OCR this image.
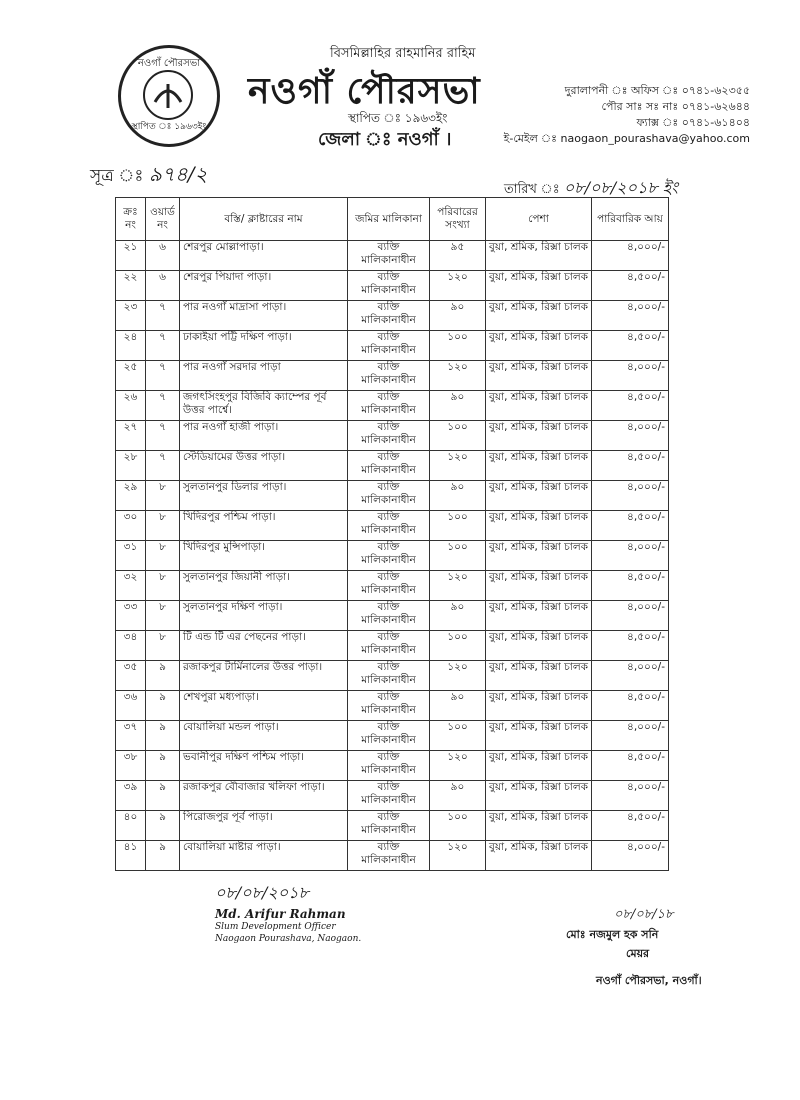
নওগাঁ পৌরসভা
স্থাপিত ঃ ১৯৬৩ইং
বিসমিল্লাহির রাহমানির রাহিম
নওগাঁ পৌরসভা
স্থাপিত ঃ ১৯৬৩ইং
জেলা ঃ নওগাঁ ।
দুরালাপনী ঃ অফিস ঃ ০৭৪১-৬২৩৫৫
পৌর সাঃ সঃ নাঃ ০৭৪১-৬২৬৪৪
ফ্যাক্স ঃ ০৭৪১-৬১৪০৪
ই-মেইল ঃ naogaon_pourashava@yahoo.com
সূত্র ঃ ৯৭৪/২
তারিখ ঃ ০৮/০৮/২০১৮ ইং
ক্রঃ নং	ওয়ার্ড নং	বস্তি/ ক্লাষ্টারের নাম	জমির মালিকানা	পরিবারের সংখ্যা	পেশা	পারিবারিক আয়
২১	৬	শেরপুর মোল্লাপাড়া।	ব্যক্তি মালিকানাধীন	৯৫	বুয়া, শ্রমিক, রিক্সা চালক	৪,০০০/-
২২	৬	শেরপুর পিয়াদা পাড়া।	ব্যক্তি মালিকানাধীন	১২০	বুয়া, শ্রমিক, রিক্সা চালক	৪,৫০০/-
২৩	৭	পার নওগাঁ মাদ্রাসা পাড়া।	ব্যক্তি মালিকানাধীন	৯০	বুয়া, শ্রমিক, রিক্সা চালক	৪,০০০/-
২৪	৭	ঢাকাইয়া পট্টি দক্ষিণ পাড়া।	ব্যক্তি মালিকানাধীন	১০০	বুয়া, শ্রমিক, রিক্সা চালক	৪,৫০০/-
২৫	৭	পার নওগাঁ সরদার পাড়া	ব্যক্তি মালিকানাধীন	১২০	বুয়া, শ্রমিক, রিক্সা চালক	৪,০০০/-
২৬	৭	জগৎসিংহপুর বিজিবি ক্যাম্পের পূর্ব উত্তর পার্শ্বে।	ব্যক্তি মালিকানাধীন	৯০	বুয়া, শ্রমিক, রিক্সা চালক	৪,৫০০/-
২৭	৭	পার নওগাঁ হাজী পাড়া।	ব্যক্তি মালিকানাধীন	১০০	বুয়া, শ্রমিক, রিক্সা চালক	৪,০০০/-
২৮	৭	স্টেডিয়ামের উত্তর পাড়া।	ব্যক্তি মালিকানাধীন	১২০	বুয়া, শ্রমিক, রিক্সা চালক	৪,৫০০/-
২৯	৮	সুলতানপুর ডিলার পাড়া।	ব্যক্তি মালিকানাধীন	৯০	বুয়া, শ্রমিক, রিক্সা চালক	৪,০০০/-
৩০	৮	খিদিরপুর পশ্চিম পাড়া।	ব্যক্তি মালিকানাধীন	১০০	বুয়া, শ্রমিক, রিক্সা চালক	৪,৫০০/-
৩১	৮	খিদিরপুর মুন্সিপাড়া।	ব্যক্তি মালিকানাধীন	১০০	বুয়া, শ্রমিক, রিক্সা চালক	৪,০০০/-
৩২	৮	সুলতানপুর জিয়ানী পাড়া।	ব্যক্তি মালিকানাধীন	১২০	বুয়া, শ্রমিক, রিক্সা চালক	৪,৫০০/-
৩৩	৮	সুলতানপুর দক্ষিণ পাড়া।	ব্যক্তি মালিকানাধীন	৯০	বুয়া, শ্রমিক, রিক্সা চালক	৪,০০০/-
৩৪	৮	টি এন্ড টি এর পেছনের পাড়া।	ব্যক্তি মালিকানাধীন	১০০	বুয়া, শ্রমিক, রিক্সা চালক	৪,৫০০/-
৩৫	৯	রজাকপুর টার্মিনালের উত্তর পাড়া।	ব্যক্তি মালিকানাধীন	১২০	বুয়া, শ্রমিক, রিক্সা চালক	৪,০০০/-
৩৬	৯	শেখপুরা মধ্যপাড়া।	ব্যক্তি মালিকানাধীন	৯০	বুয়া, শ্রমিক, রিক্সা চালক	৪,৫০০/-
৩৭	৯	বোয়ালিয়া মন্ডল পাড়া।	ব্যক্তি মালিকানাধীন	১০০	বুয়া, শ্রমিক, রিক্সা চালক	৪,০০০/-
৩৮	৯	ভবানীপুর দক্ষিণ পশ্চিম পাড়া।	ব্যক্তি মালিকানাধীন	১২০	বুয়া, শ্রমিক, রিক্সা চালক	৪,৫০০/-
৩৯	৯	রজাকপুর বৌবাজার খলিফা পাড়া।	ব্যক্তি মালিকানাধীন	৯০	বুয়া, শ্রমিক, রিক্সা চালক	৪,০০০/-
৪০	৯	পিরোজপুর পূর্ব পাড়া।	ব্যক্তি মালিকানাধীন	১০০	বুয়া, শ্রমিক, রিক্সা চালক	৪,৫০০/-
৪১	৯	বোয়ালিয়া মাষ্টার পাড়া।	ব্যক্তি মালিকানাধীন	১২০	বুয়া, শ্রমিক, রিক্সা চালক	৪,০০০/-
০৮/০৮/২০১৮
Md. Arifur Rahman
Slum Development Officer
Naogaon Pourashava, Naogaon.
০৮/০৮/১৮
মোঃ নজমুল হক সনি
মেয়র
নওগাঁ পৌরসভা, নওগাঁ।
